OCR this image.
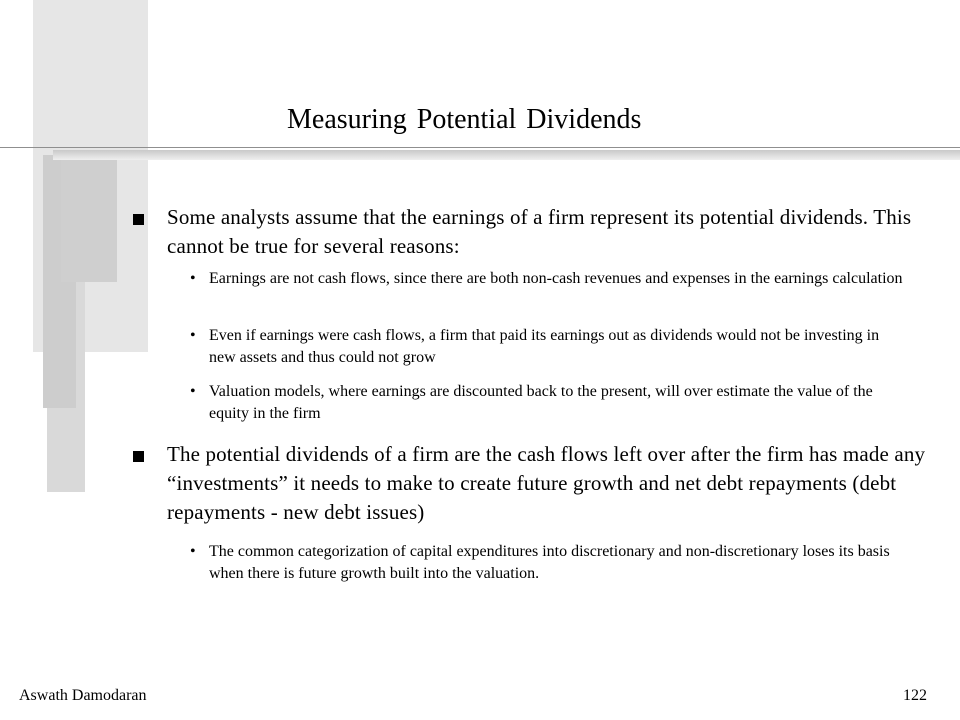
Measuring Potential Dividends
Some analysts assume that the earnings of a firm represent its potential dividends. This cannot be true for several reasons:
• Earnings are not cash flows, since there are both non-cash revenues and expenses in the earnings calculation
• Even if earnings were cash flows, a firm that paid its earnings out as dividends would not be investing in new assets and thus could not grow
• Valuation models, where earnings are discounted back to the present, will over estimate the value of the equity in the firm
The potential dividends of a firm are the cash flows left over after the firm has made any “investments” it needs to make to create future growth and net debt repayments (debt repayments - new debt issues)
• The common categorization of capital expenditures into discretionary and non-discretionary loses its basis when there is future growth built into the valuation.
Aswath Damodaran	122
